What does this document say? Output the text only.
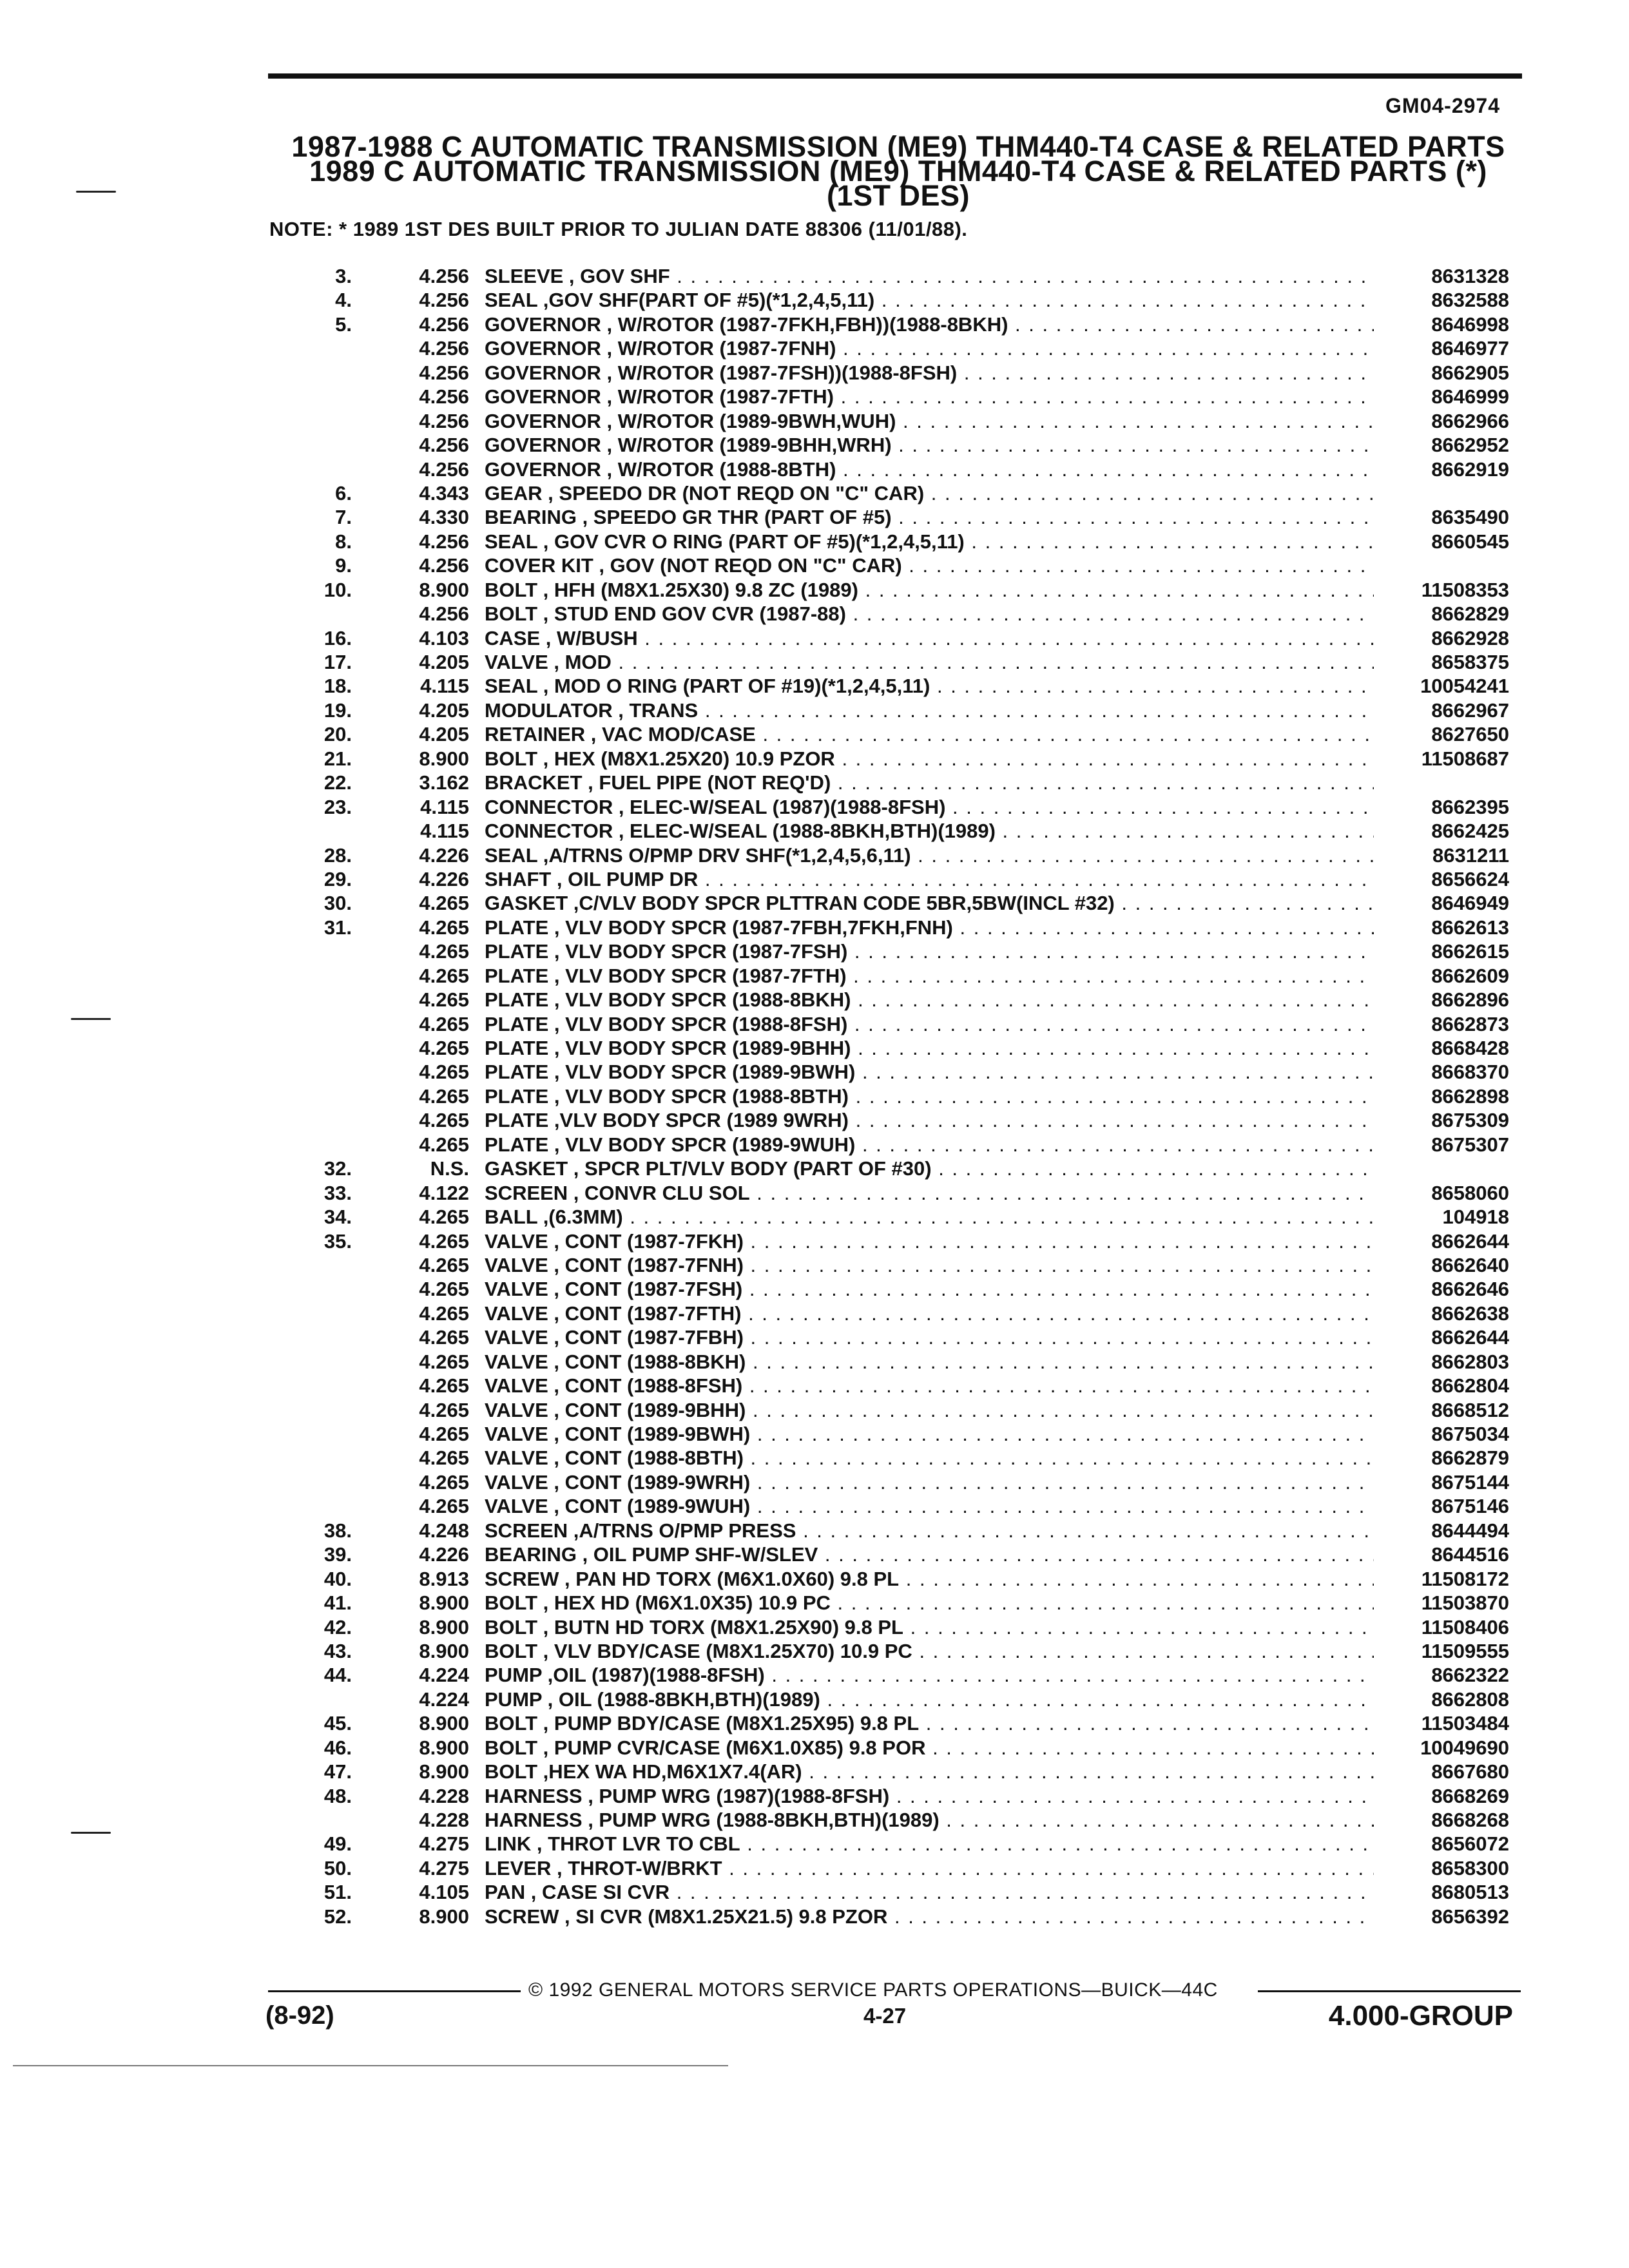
GM04-2974
1987-1988 C AUTOMATIC TRANSMISSION (ME9) THM440-T4 CASE & RELATED PARTS
1989 C AUTOMATIC TRANSMISSION (ME9) THM440-T4 CASE & RELATED PARTS (*)
(1ST DES)
NOTE: * 1989 1ST DES BUILT PRIOR TO JULIAN DATE 88306 (11/01/88).
3.	4.256 SLEEVE , GOV SHF . . .	8631328
4.	4.256 SEAL ,GOV SHF(PART OF #5)(*1,2,4,5,11) . . .	8632588
5.	4.256 GOVERNOR , W/ROTOR (1987-7FKH,FBH))(1988-8BKH) . . .	8646998
4.256 GOVERNOR , W/ROTOR (1987-7FNH) . . .	8646977
4.256 GOVERNOR , W/ROTOR (1987-7FSH))(1988-8FSH) . . .	8662905
4.256 GOVERNOR , W/ROTOR (1987-7FTH) . . .	8646999
4.256 GOVERNOR , W/ROTOR (1989-9BWH,WUH) . . .	8662966
4.256 GOVERNOR , W/ROTOR (1989-9BHH,WRH) . . .	8662952
4.256 GOVERNOR , W/ROTOR (1988-8BTH) . . .	8662919
6.	4.343 GEAR , SPEEDO DR (NOT REQD ON "C" CAR) . . .
7.	4.330 BEARING , SPEEDO GR THR (PART OF #5) . . .	8635490
8.	4.256 SEAL , GOV CVR O RING (PART OF #5)(*1,2,4,5,11) . . .	8660545
9.	4.256 COVER KIT , GOV (NOT REQD ON "C" CAR) . . .
10.	8.900 BOLT , HFH (M8X1.25X30) 9.8 ZC (1989) . . .	11508353
4.256 BOLT , STUD END GOV CVR (1987-88) . . .	8662829
16.	4.103 CASE , W/BUSH . . .	8662928
17.	4.205 VALVE , MOD . . .	8658375
18.	4.115 SEAL , MOD O RING (PART OF #19)(*1,2,4,5,11) . . .	10054241
19.	4.205 MODULATOR , TRANS . . .	8662967
20.	4.205 RETAINER , VAC MOD/CASE . . .	8627650
21.	8.900 BOLT , HEX (M8X1.25X20) 10.9 PZOR . . .	11508687
22.	3.162 BRACKET , FUEL PIPE (NOT REQ'D) . . .
23.	4.115 CONNECTOR , ELEC-W/SEAL (1987)(1988-8FSH) . . .	8662395
4.115 CONNECTOR , ELEC-W/SEAL (1988-8BKH,BTH)(1989) . . .	8662425
28.	4.226 SEAL ,A/TRNS O/PMP DRV SHF(*1,2,4,5,6,11) . . .	8631211
29.	4.226 SHAFT , OIL PUMP DR . . .	8656624
30.	4.265 GASKET ,C/VLV BODY SPCR PLTTRAN CODE 5BR,5BW(INCL #32) . . .	8646949
31.	4.265 PLATE , VLV BODY SPCR (1987-7FBH,7FKH,FNH) . . .	8662613
4.265 PLATE , VLV BODY SPCR (1987-7FSH) . . .	8662615
4.265 PLATE , VLV BODY SPCR (1987-7FTH) . . .	8662609
4.265 PLATE , VLV BODY SPCR (1988-8BKH) . . .	8662896
4.265 PLATE , VLV BODY SPCR (1988-8FSH) . . .	8662873
4.265 PLATE , VLV BODY SPCR (1989-9BHH) . . .	8668428
4.265 PLATE , VLV BODY SPCR (1989-9BWH) . . .	8668370
4.265 PLATE , VLV BODY SPCR (1988-8BTH) . . .	8662898
4.265 PLATE ,VLV BODY SPCR (1989 9WRH) . . .	8675309
4.265 PLATE , VLV BODY SPCR (1989-9WUH) . . .	8675307
32.	N.S. GASKET , SPCR PLT/VLV BODY (PART OF #30) . . .
33.	4.122 SCREEN , CONVR CLU SOL . . .	8658060
34.	4.265 BALL ,(6.3MM) . . .	104918
35.	4.265 VALVE , CONT (1987-7FKH) . . .	8662644
4.265 VALVE , CONT (1987-7FNH) . . .	8662640
4.265 VALVE , CONT (1987-7FSH) . . .	8662646
4.265 VALVE , CONT (1987-7FTH) . . .	8662638
4.265 VALVE , CONT (1987-7FBH) . . .	8662644
4.265 VALVE , CONT (1988-8BKH) . . .	8662803
4.265 VALVE , CONT (1988-8FSH) . . .	8662804
4.265 VALVE , CONT (1989-9BHH) . . .	8668512
4.265 VALVE , CONT (1989-9BWH) . . .	8675034
4.265 VALVE , CONT (1988-8BTH) . . .	8662879
4.265 VALVE , CONT (1989-9WRH) . . .	8675144
4.265 VALVE , CONT (1989-9WUH) . . .	8675146
38.	4.248 SCREEN ,A/TRNS O/PMP PRESS . . .	8644494
39.	4.226 BEARING , OIL PUMP SHF-W/SLEV . . .	8644516
40.	8.913 SCREW , PAN HD TORX (M6X1.0X60) 9.8 PL . . .	11508172
41.	8.900 BOLT , HEX HD (M6X1.0X35) 10.9 PC . . .	11503870
42.	8.900 BOLT , BUTN HD TORX (M8X1.25X90) 9.8 PL . . .	11508406
43.	8.900 BOLT , VLV BDY/CASE (M8X1.25X70) 10.9 PC . . .	11509555
44.	4.224 PUMP ,OIL (1987)(1988-8FSH) . . .	8662322
4.224 PUMP , OIL (1988-8BKH,BTH)(1989) . . .	8662808
45.	8.900 BOLT , PUMP BDY/CASE (M8X1.25X95) 9.8 PL . . .	11503484
46.	8.900 BOLT , PUMP CVR/CASE (M6X1.0X85) 9.8 POR . . .	10049690
47.	8.900 BOLT ,HEX WA HD,M6X1X7.4(AR) . . .	8667680
48.	4.228 HARNESS , PUMP WRG (1987)(1988-8FSH) . . .	8668269
4.228 HARNESS , PUMP WRG (1988-8BKH,BTH)(1989) . . .	8668268
49.	4.275 LINK , THROT LVR TO CBL . . .	8656072
50.	4.275 LEVER , THROT-W/BRKT . . .	8658300
51.	4.105 PAN , CASE SI CVR . . .	8680513
52.	8.900 SCREW , SI CVR (M8X1.25X21.5) 9.8 PZOR . . .	8656392
© 1992 GENERAL MOTORS SERVICE PARTS OPERATIONS—BUICK—44C
(8-92)	4-27	4.000-GROUP
